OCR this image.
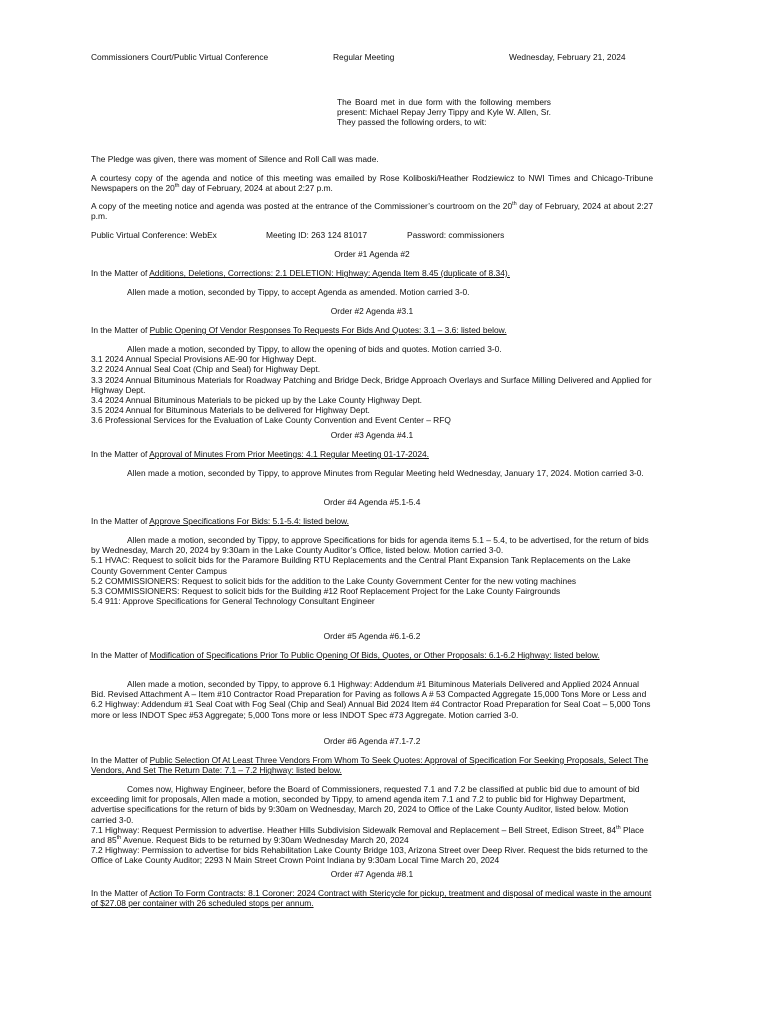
Commissioners Court/Public Virtual Conference	Regular Meeting	Wednesday, February 21, 2024
The Board met in due form with the following members present: Michael Repay Jerry Tippy and Kyle W. Allen, Sr. They passed the following orders, to wit:
The Pledge was given, there was moment of Silence and Roll Call was made.
A courtesy copy of the agenda and notice of this meeting was emailed by Rose Koliboski/Heather Rodziewicz to NWI Times and Chicago-Tribune Newspapers on the 20th day of February, 2024 at about 2:27 p.m.
A copy of the meeting notice and agenda was posted at the entrance of the Commissioner’s courtroom on the 20th day of February, 2024 at about 2:27 p.m.
Public Virtual Conference: WebEx	Meeting ID: 263 124 81017	Password: commissioners
Order #1 Agenda #2
In the Matter of Additions, Deletions, Corrections: 2.1 DELETION: Highway: Agenda Item 8.45 (duplicate of 8.34).
Allen made a motion, seconded by Tippy, to accept Agenda as amended. Motion carried 3-0.
Order #2 Agenda #3.1
In the Matter of Public Opening Of Vendor Responses To Requests For Bids And Quotes: 3.1 – 3.6: listed below.

Allen made a motion, seconded by Tippy, to allow the opening of bids and quotes. Motion carried 3-0.

3.1 2024 Annual Special Provisions AE-90 for Highway Dept.

3.2 2024 Annual Seal Coat (Chip and Seal) for Highway Dept.

3.3 2024 Annual Bituminous Materials for Roadway Patching and Bridge Deck, Bridge Approach Overlays and Surface Milling Delivered and Applied for Highway Dept.

3.4 2024 Annual Bituminous Materials to be picked up by the Lake County Highway Dept.

3.5 2024 Annual for Bituminous Materials to be delivered for Highway Dept.

3.6 Professional Services for the Evaluation of Lake County Convention and Event Center – RFQ

Order #3 Agenda #4.1
In the Matter of Approval of Minutes From Prior Meetings: 4.1 Regular Meeting 01-17-2024.
Allen made a motion, seconded by Tippy, to approve Minutes from Regular Meeting held Wednesday, January 17, 2024. Motion carried 3-0.
Order #4 Agenda #5.1-5.4
In the Matter of Approve Specifications For Bids: 5.1-5.4: listed below.

Allen made a motion, seconded by Tippy, to approve Specifications for bids for agenda items 5.1 – 5.4, to be advertised, for the return of bids by Wednesday, March 20, 2024 by 9:30am in the Lake County Auditor’s Office, listed below. Motion carried 3-0.

5.1 HVAC: Request to solicit bids for the Paramore Building RTU Replacements and the Central Plant Expansion Tank Replacements on the Lake County Government Center Campus

5.2 COMMISSIONERS: Request to solicit bids for the addition to the Lake County Government Center for the new voting machines

5.3 COMMISSIONERS: Request to solicit bids for the Building #12 Roof Replacement Project for the Lake County Fairgrounds

5.4 911: Approve Specifications for General Technology Consultant Engineer

Order #5 Agenda #6.1-6.2
In the Matter of Modification of Specifications Prior To Public Opening Of Bids, Quotes, or Other Proposals: 6.1-6.2 Highway: listed below.
Allen made a motion, seconded by Tippy, to approve 6.1 Highway: Addendum #1 Bituminous Materials Delivered and Applied 2024 Annual Bid. Revised Attachment A – Item #10 Contractor Road Preparation for Paving as follows A # 53 Compacted Aggregate 15,000 Tons More or Less and 6.2 Highway: Addendum #1 Seal Coat with Fog Seal (Chip and Seal) Annual Bid 2024 Item #4 Contractor Road Preparation for Seal Coat – 5,000 Tons more or less INDOT Spec #53 Aggregate; 5,000 Tons more or less INDOT Spec #73 Aggregate. Motion carried 3-0.
Order #6 Agenda #7.1-7.2
In the Matter of Public Selection Of At Least Three Vendors From Whom To Seek Quotes: Approval of Specification For Seeking Proposals, Select The Vendors, And Set The Return Date: 7.1 – 7.2 Highway: listed below.

Comes now, Highway Engineer, before the Board of Commissioners, requested 7.1 and 7.2 be classified at public bid due to amount of bid exceeding limit for proposals, Allen made a motion, seconded by Tippy, to amend agenda item 7.1 and 7.2 to public bid for Highway Department, advertise specifications for the return of bids by 9:30am on Wednesday, March 20, 2024 to Office of the Lake County Auditor, listed below. Motion carried 3-0.

7.1 Highway: Request Permission to advertise. Heather Hills Subdivision Sidewalk Removal and Replacement – Bell Street, Edison Street, 84th Place and 85th Avenue. Request Bids to be returned by 9:30am Wednesday March 20, 2024

7.2 Highway: Permission to advertise for bids Rehabilitation Lake County Bridge 103, Arizona Street over Deep River. Request the bids returned to the Office of Lake County Auditor; 2293 N Main Street Crown Point Indiana by 9:30am Local Time March 20, 2024

Order #7 Agenda #8.1
In the Matter of Action To Form Contracts: 8.1 Coroner: 2024 Contract with Stericycle for pickup, treatment and disposal of medical waste in the amount of $27.08 per container with 26 scheduled stops per annum.
